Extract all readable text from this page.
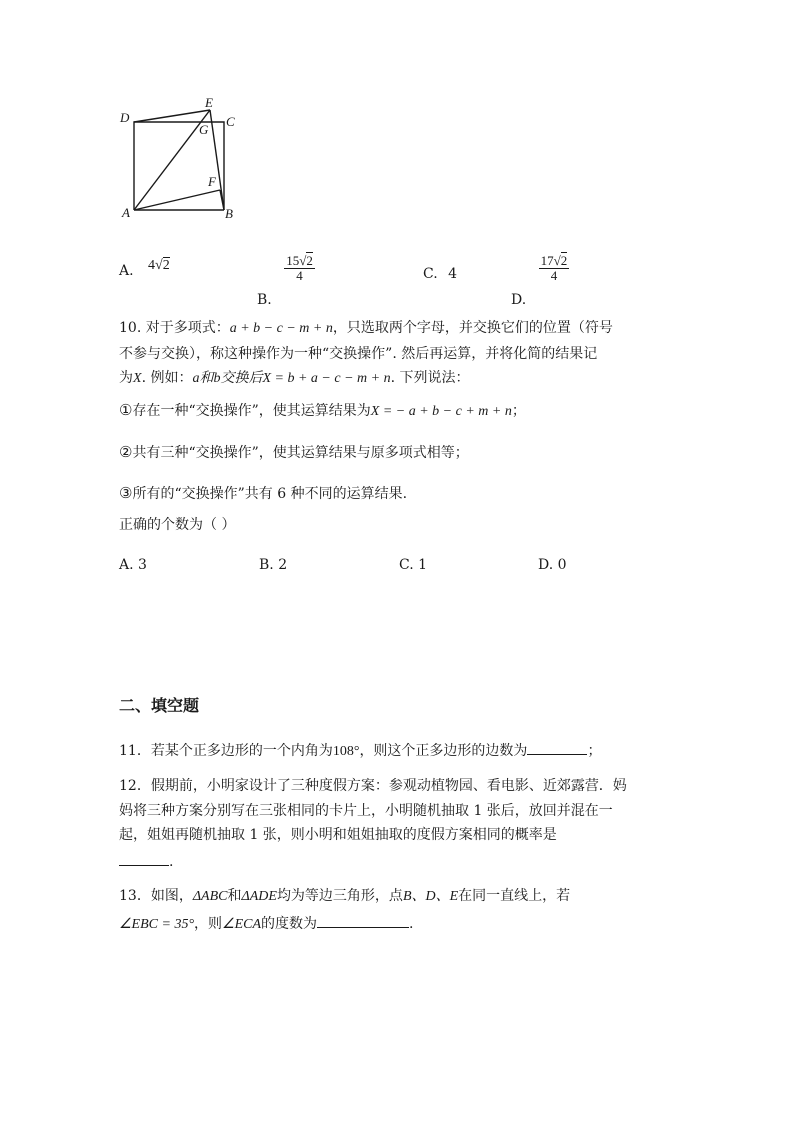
D
E
C
G
F
A	B
A. 4√2
B.
$\frac{15√2}{4}$	C. 4
D.
$\frac{17√2}{4}$
10. 对于多项式：a + b − c − m + n，只选取两个字母，并交换它们的位置（符号
不参与交换），称这种操作为一种“交换操作”. 然后再运算，并将化简的结果记
为X. 例如：a和b交换后X = b + a − c − m + n. 下列说法：
①存在一种“交换操作”，使其运算结果为X = − a + b − c + m + n；
②共有三种“交换操作”，使其运算结果与原多项式相等；
③所有的“交换操作”共有 6 种不同的运算结果.
正确的个数为（ ）
A. 3	B. 2	C. 1	D. 0
二、填空题
11．若某个正多边形的一个内角为108°，则这个正多边形的边数为	；
12．假期前，小明家设计了三种度假方案：参观动植物园、看电影、近郊露营．妈
妈将三种方案分别写在三张相同的卡片上，小明随机抽取 1 张后，放回并混在一
起，姐姐再随机抽取 1 张，则小明和姐姐抽取的度假方案相同的概率是
.
13．如图，ΔABC和ΔADE均为等边三角形，点B、D、E在同一直线上，若
∠EBC = 35°，则∠ECA的度数为	.
